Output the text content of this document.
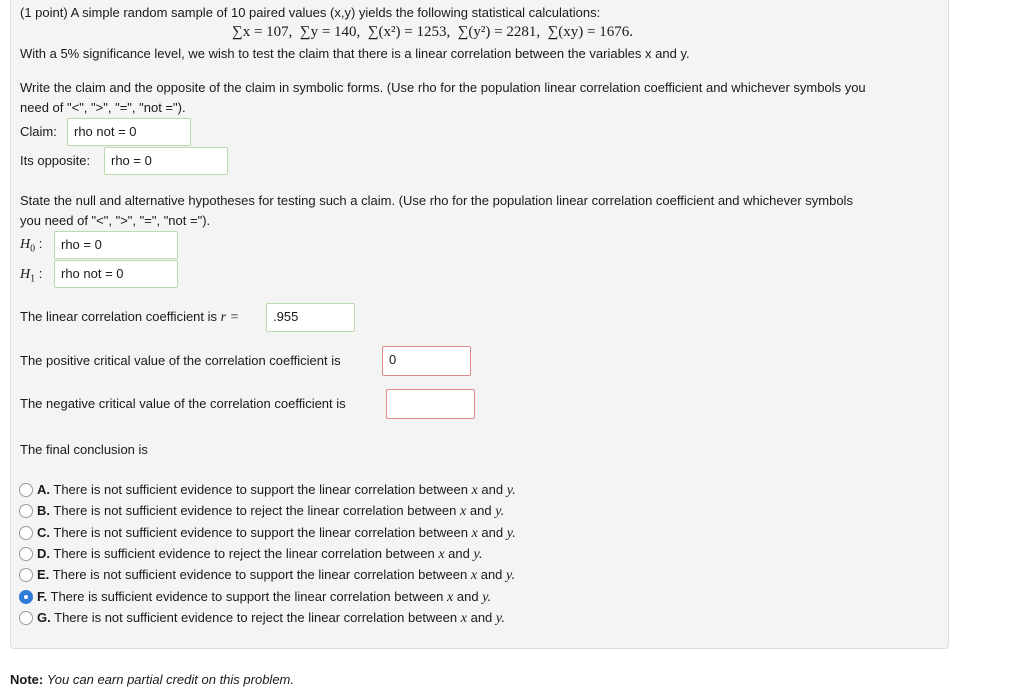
(1 point) A simple random sample of 10 paired values (x,y) yields the following statistical calculations:
∑x = 107, ∑y = 140, ∑(x²) = 1253, ∑(y²) = 2281, ∑(xy) = 1676.
With a 5% significance level, we wish to test the claim that there is a linear correlation between the variables x and y.
Write the claim and the opposite of the claim in symbolic forms. (Use rho for the population linear correlation coefficient and whichever symbols you
need of "<", ">", "=", "not =").
Claim:	rho not = 0
Its opposite:	rho = 0
State the null and alternative hypotheses for testing such a claim. (Use rho for the population linear correlation coefficient and whichever symbols
you need of "<", ">", "=", "not =").
$H_0$ :	rho = 0
$H_1$ :	rho not = 0
The linear correlation coefficient is r =	.955
The positive critical value of the correlation coefficient is	0
The negative critical value of the correlation coefficient is
The final conclusion is
A. There is not sufficient evidence to support the linear correlation between x and y.
B. There is not sufficient evidence to reject the linear correlation between x and y.
C. There is not sufficient evidence to support the linear correlation between x and y.
D. There is sufficient evidence to reject the linear correlation between x and y.
E. There is not sufficient evidence to support the linear correlation between x and y.
F. There is sufficient evidence to support the linear correlation between x and y.
G. There is not sufficient evidence to reject the linear correlation between x and y.
Note: You can earn partial credit on this problem.
